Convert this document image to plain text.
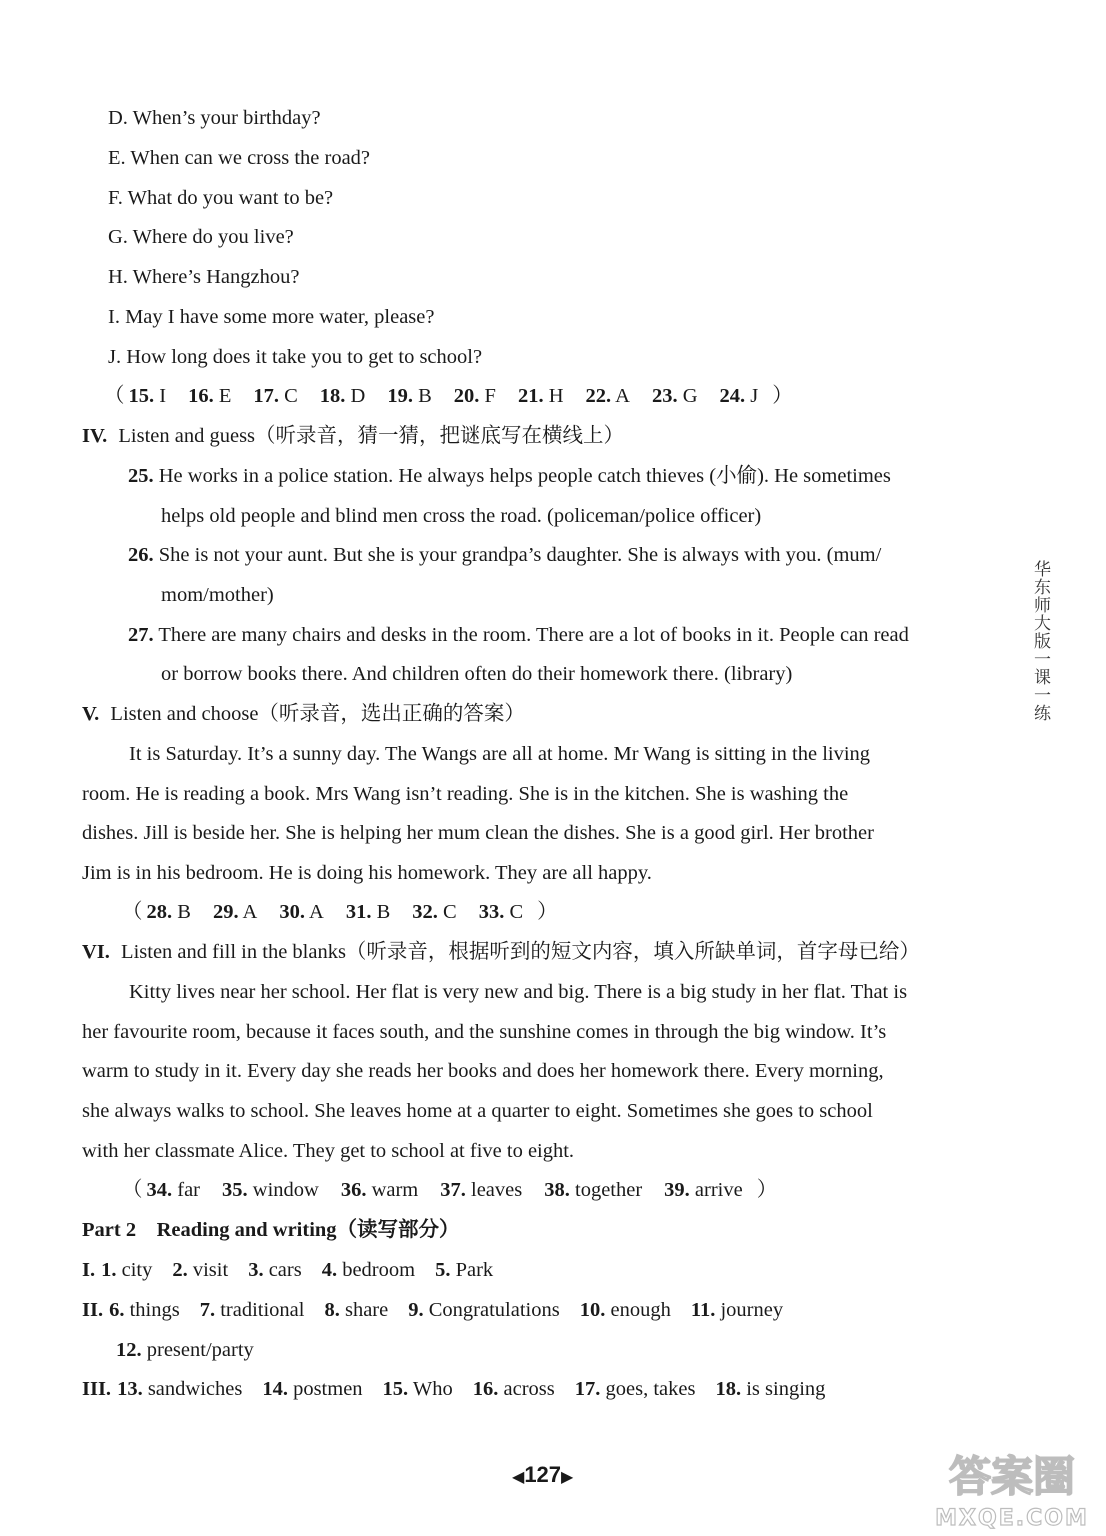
D. When’s your birthday?
E. When can we cross the road?
F. What do you want to be?
G. Where do you live?
H. Where’s Hangzhou?
I. May I have some more water, please?
J. How long does it take you to get to school?
（ 15. I 16. E 17. C 18. D 19. B 20. F 21. H 22. A 23. G 24. J ）
IV. Listen and guess（听录音，猜一猜，把谜底写在横线上）
25. He works in a police station. He always helps people catch thieves (小偷). He sometimes
helps old people and blind men cross the road. (policeman/police officer)
26. She is not your aunt. But she is your grandpa’s daughter. She is always with you. (mum/
mom/mother)
27. There are many chairs and desks in the room. There are a lot of books in it. People can read
or borrow books there. And children often do their homework there. (library)
V. Listen and choose（听录音，选出正确的答案）
It is Saturday. It’s a sunny day. The Wangs are all at home. Mr Wang is sitting in the living
room. He is reading a book. Mrs Wang isn’t reading. She is in the kitchen. She is washing the
dishes. Jill is beside her. She is helping her mum clean the dishes. She is a good girl. Her brother
Jim is in his bedroom. He is doing his homework. They are all happy.
（ 28. B 29. A 30. A 31. B 32. C 33. C ）
VI. Listen and fill in the blanks（听录音，根据听到的短文内容，填入所缺单词，首字母已给）
Kitty lives near her school. Her flat is very new and big. There is a big study in her flat. That is
her favourite room, because it faces south, and the sunshine comes in through the big window. It’s
warm to study in it. Every day she reads her books and does her homework there. Every morning,
she always walks to school. She leaves home at a quarter to eight. Sometimes she goes to school
with her classmate Alice. They get to school at five to eight.
（ 34. far 35. window 36. warm 37. leaves 38. together 39. arrive ）
Part 2    Reading and writing（读写部分）
I. 1. city 2. visit 3. cars 4. bedroom 5. Park
II. 6. things 7. traditional 8. share 9. Congratulations 10. enough 11. journey
12. present/party
III. 13. sandwiches 14. postmen 15. Who 16. across 17. goes, takes 18. is singing
华东师大版一课一练
◀127▶	答案圈
MXQE.COM
